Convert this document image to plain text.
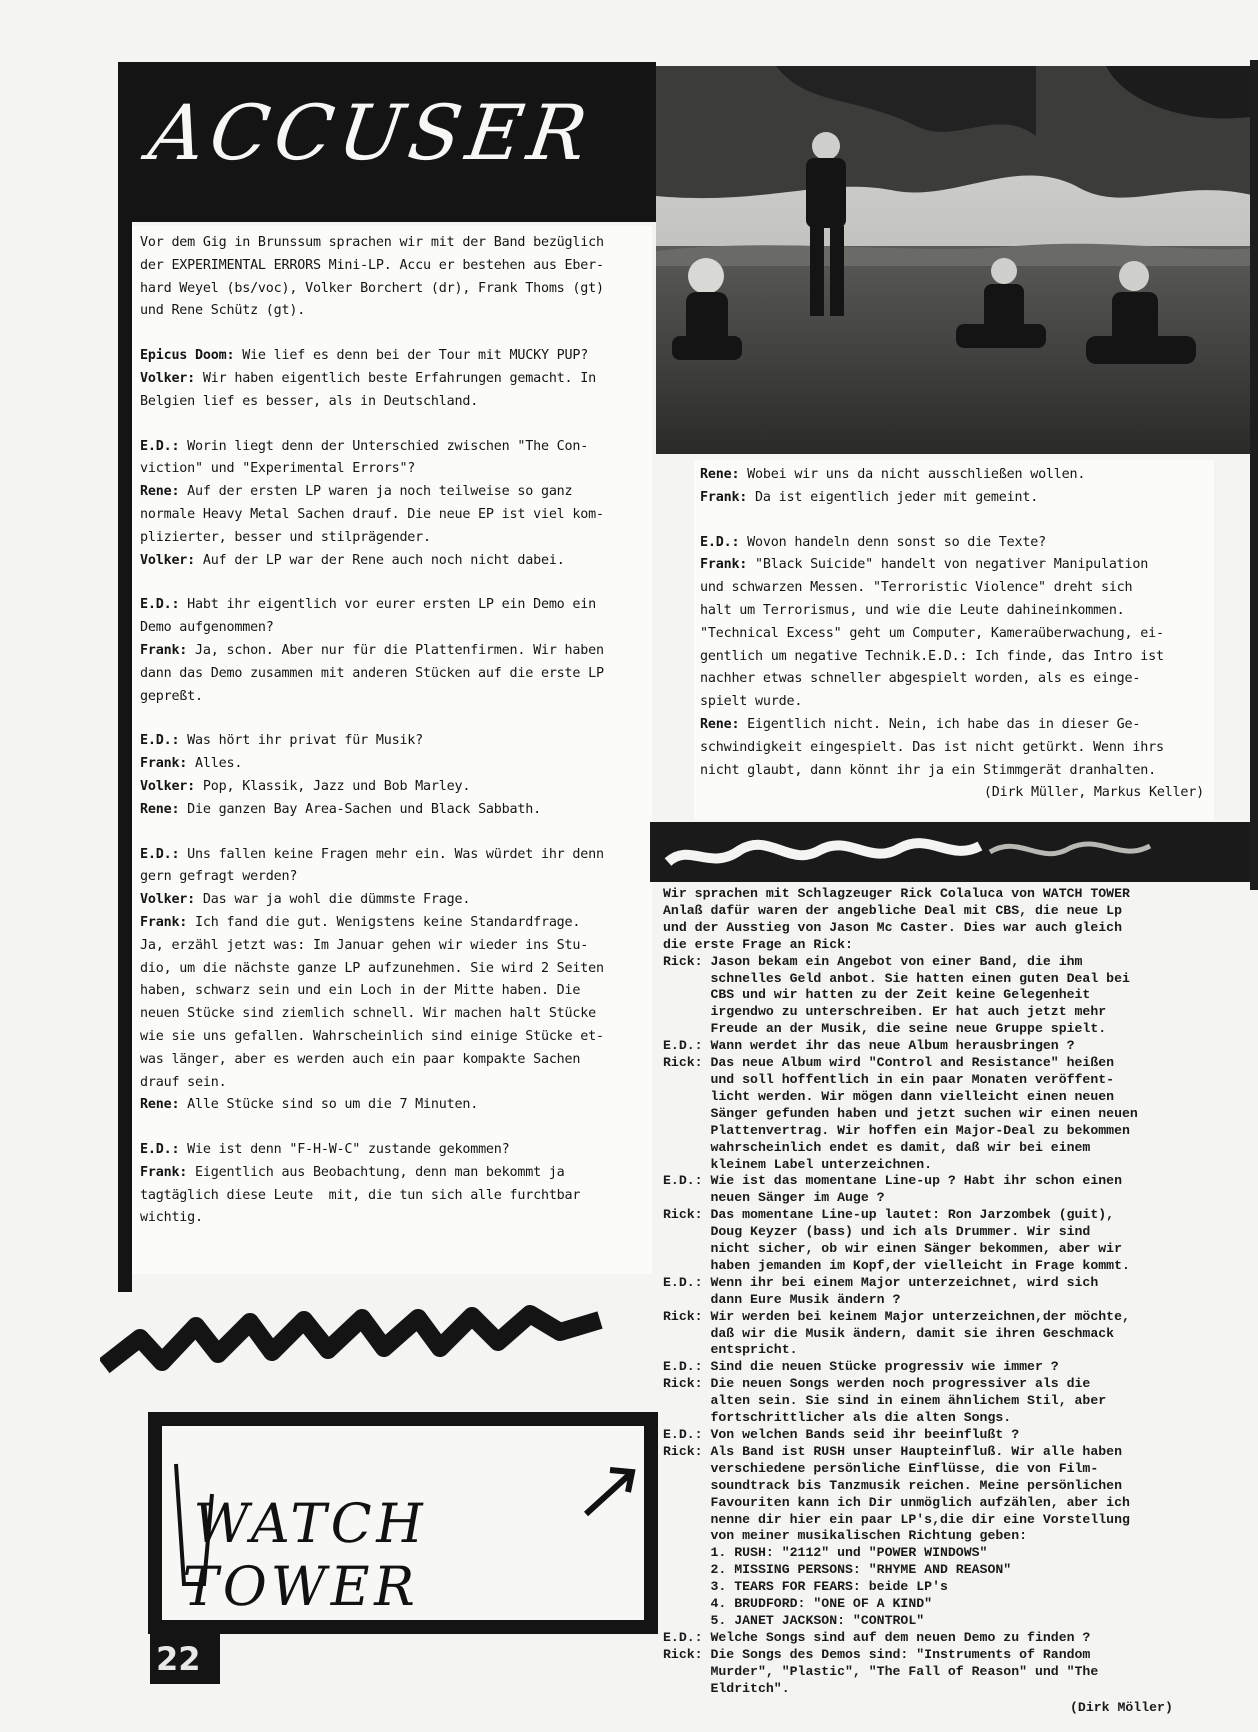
ACCUSER
Vor dem Gig in Brunssum sprachen wir mit der Band bezüglich
der EXPERIMENTAL ERRORS Mini-LP. Accu er bestehen aus Eber-
hard Weyel (bs/voc), Volker Borchert (dr), Frank Thoms (gt)
und Rene Schütz (gt).
Epicus Doom: Wie lief es denn bei der Tour mit MUCKY PUP?
Volker: Wir haben eigentlich beste Erfahrungen gemacht. In
Belgien lief es besser, als in Deutschland.
E.D.: Worin liegt denn der Unterschied zwischen "The Con-
viction" und "Experimental Errors"?
Rene: Auf der ersten LP waren ja noch teilweise so ganz
normale Heavy Metal Sachen drauf. Die neue EP ist viel kom-
plizierter, besser und stilprägender.
Volker: Auf der LP war der Rene auch noch nicht dabei.
E.D.: Habt ihr eigentlich vor eurer ersten LP ein Demo ein
Demo aufgenommen?
Frank: Ja, schon. Aber nur für die Plattenfirmen. Wir haben
dann das Demo zusammen mit anderen Stücken auf die erste LP
gepreßt.
E.D.: Was hört ihr privat für Musik?
Frank: Alles.
Volker: Pop, Klassik, Jazz und Bob Marley.
Rene: Die ganzen Bay Area-Sachen und Black Sabbath.
E.D.: Uns fallen keine Fragen mehr ein. Was würdet ihr denn
gern gefragt werden?
Volker: Das war ja wohl die dümmste Frage.
Frank: Ich fand die gut. Wenigstens keine Standardfrage.
Ja, erzähl jetzt was: Im Januar gehen wir wieder ins Stu-
dio, um die nächste ganze LP aufzunehmen. Sie wird 2 Seiten
haben, schwarz sein und ein Loch in der Mitte haben. Die
neuen Stücke sind ziemlich schnell. Wir machen halt Stücke
wie sie uns gefallen. Wahrscheinlich sind einige Stücke et-
was länger, aber es werden auch ein paar kompakte Sachen
drauf sein.
Rene: Alle Stücke sind so um die 7 Minuten.
E.D.: Wie ist denn "F-H-W-C" zustande gekommen?
Frank: Eigentlich aus Beobachtung, denn man bekommt ja
tagtäglich diese Leute  mit, die tun sich alle furchtbar
wichtig.
Rene: Wobei wir uns da nicht ausschließen wollen.
Frank: Da ist eigentlich jeder mit gemeint.
E.D.: Wovon handeln denn sonst so die Texte?
Frank: "Black Suicide" handelt von negativer Manipulation
und schwarzen Messen. "Terroristic Violence" dreht sich
halt um Terrorismus, und wie die Leute dahineinkommen.
"Technical Excess" geht um Computer, Kameraüberwachung, ei-
gentlich um negative Technik.E.D.: Ich finde, das Intro ist
nachher etwas schneller abgespielt worden, als es einge-
spielt wurde.
Rene: Eigentlich nicht. Nein, ich habe das in dieser Ge-
schwindigkeit eingespielt. Das ist nicht getürkt. Wenn ihrs
nicht glaubt, dann könnt ihr ja ein Stimmgerät dranhalten.
(Dirk Müller, Markus Keller)
Wir sprachen mit Schlagzeuger Rick Colaluca von WATCH TOWER
Anlaß dafür waren der angebliche Deal mit CBS, die neue Lp
und der Ausstieg von Jason Mc Caster. Dies war auch gleich
die erste Frage an Rick:
Rick: Jason bekam ein Angebot von einer Band, die ihm
schnelles Geld anbot. Sie hatten einen guten Deal bei
CBS und wir hatten zu der Zeit keine Gelegenheit
irgendwo zu unterschreiben. Er hat auch jetzt mehr
Freude an der Musik, die seine neue Gruppe spielt.
E.D.: Wann werdet ihr das neue Album herausbringen ?
Rick: Das neue Album wird "Control and Resistance" heißen
und soll hoffentlich in ein paar Monaten veröffent-
licht werden. Wir mögen dann vielleicht einen neuen
Sänger gefunden haben und jetzt suchen wir einen neuen
Plattenvertrag. Wir hoffen ein Major-Deal zu bekommen
wahrscheinlich endet es damit, daß wir bei einem
kleinem Label unterzeichnen.
E.D.: Wie ist das momentane Line-up ? Habt ihr schon einen
neuen Sänger im Auge ?
Rick: Das momentane Line-up lautet: Ron Jarzombek (guit),
Doug Keyzer (bass) und ich als Drummer. Wir sind
nicht sicher, ob wir einen Sänger bekommen, aber wir
haben jemanden im Kopf,der vielleicht in Frage kommt.
E.D.: Wenn ihr bei einem Major unterzeichnet, wird sich
dann Eure Musik ändern ?
Rick: Wir werden bei keinem Major unterzeichnen,der möchte,
daß wir die Musik ändern, damit sie ihren Geschmack
entspricht.
E.D.: Sind die neuen Stücke progressiv wie immer ?
Rick: Die neuen Songs werden noch progressiver als die
alten sein. Sie sind in einem ähnlichem Stil, aber
fortschrittlicher als die alten Songs.
E.D.: Von welchen Bands seid ihr beeinflußt ?
Rick: Als Band ist RUSH unser Haupteinfluß. Wir alle haben
verschiedene persönliche Einflüsse, die von Film-
soundtrack bis Tanzmusik reichen. Meine persönlichen
Favouriten kann ich Dir unmöglich aufzählen, aber ich
nenne dir hier ein paar LP's,die dir eine Vorstellung
von meiner musikalischen Richtung geben:
1. RUSH: "2112" und "POWER WINDOWS"
2. MISSING PERSONS: "RHYME AND REASON"
3. TEARS FOR FEARS: beide LP's
4. BRUDFORD: "ONE OF A KIND"
5. JANET JACKSON: "CONTROL"
E.D.: Welche Songs sind auf dem neuen Demo zu finden ?
Rick: Die Songs des Demos sind: "Instruments of Random
Murder", "Plastic", "The Fall of Reason" und "The
Eldritch".
(Dirk Möller)
WATCH TOWER
22
